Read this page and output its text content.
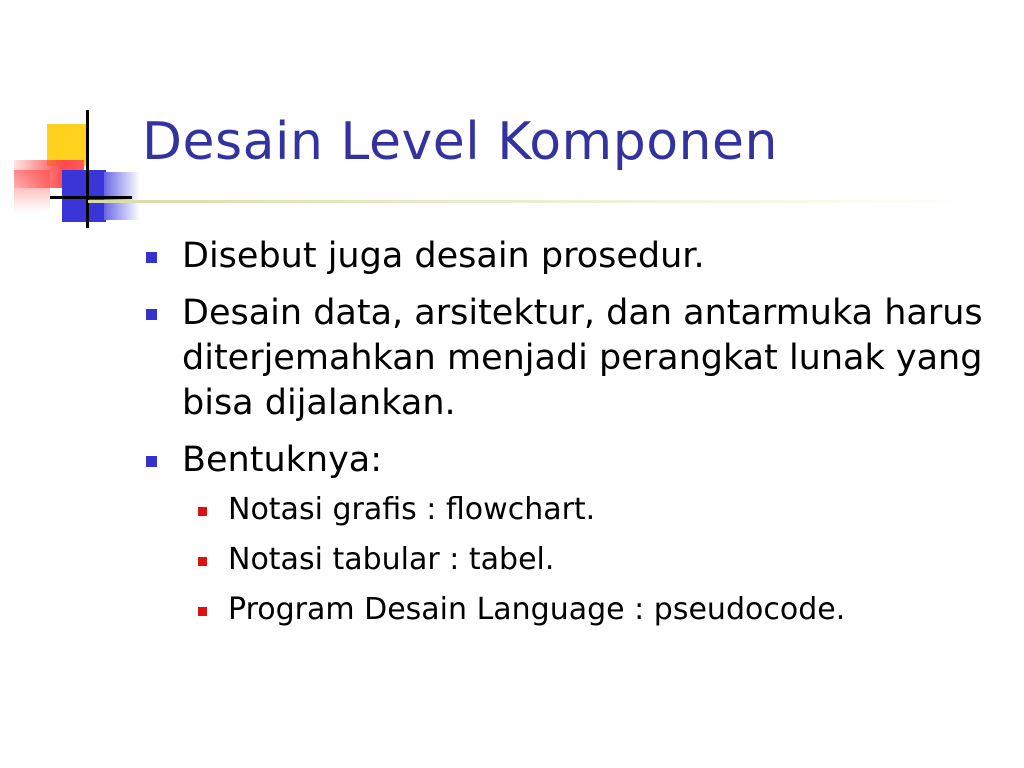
Desain Level Komponen
Disebut juga desain prosedur.
Desain data, arsitektur, dan antarmuka harus diterjemahkan menjadi perangkat lunak yang bisa dijalankan.
Bentuknya:
Notasi grafis : flowchart.
Notasi tabular : tabel.
Program Desain Language : pseudocode.
